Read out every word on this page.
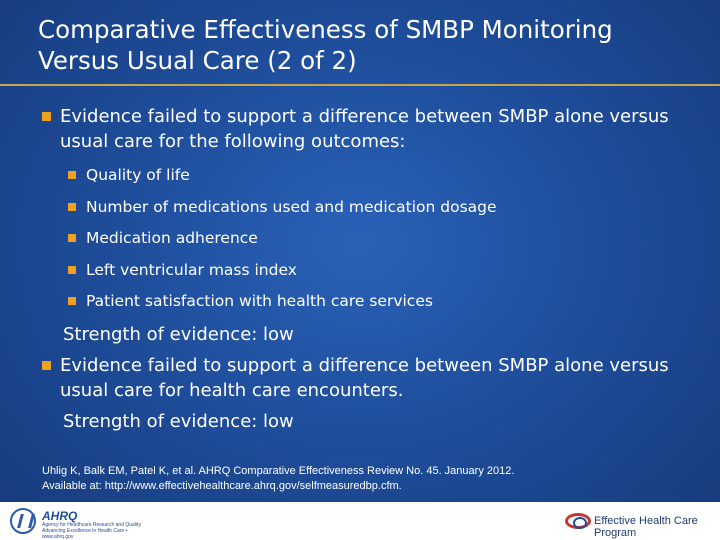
Comparative Effectiveness of SMBP Monitoring Versus Usual Care (2 of 2)
Evidence failed to support a difference between SMBP alone versus usual care for the following outcomes:
Quality of life
Number of medications used and medication dosage
Medication adherence
Left ventricular mass index
Patient satisfaction with health care services
Strength of evidence: low
Evidence failed to support a difference between SMBP alone versus usual care for health care encounters.
Strength of evidence: low
Uhlig K, Balk EM, Patel K, et al. AHRQ Comparative Effectiveness Review No. 45. January 2012.
Available at: http://www.effectivehealthcare.ahrq.gov/selfmeasuredbp.cfm.
AHRQ
Agency for Healthcare Research and Quality
Advancing Excellence in Health Care • www.ahrq.gov
Effective Health Care Program
